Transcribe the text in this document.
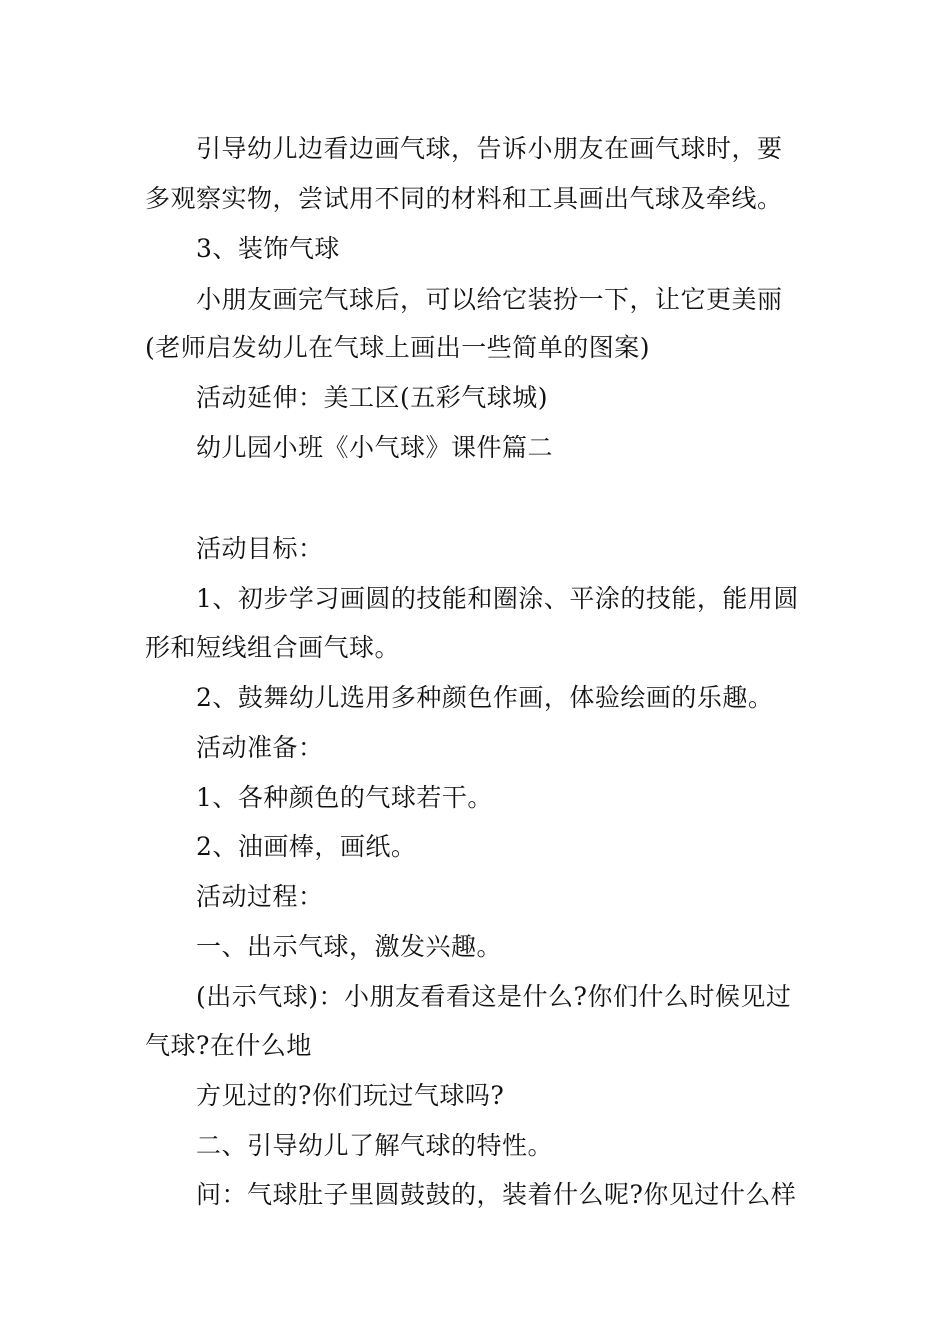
引导幼儿边看边画气球，告诉小朋友在画气球时，要
多观察实物，尝试用不同的材料和工具画出气球及牵线。
3、装饰气球
小朋友画完气球后，可以给它装扮一下，让它更美丽
(老师启发幼儿在气球上画出一些简单的图案)
活动延伸：美工区(五彩气球城)
幼儿园小班《小气球》课件篇二
活动目标：
1、初步学习画圆的技能和圈涂、平涂的技能，能用圆
形和短线组合画气球。
2、鼓舞幼儿选用多种颜色作画，体验绘画的乐趣。
活动准备：
1、各种颜色的气球若干。
2、油画棒，画纸。
活动过程：
一、出示气球，激发兴趣。
(出示气球)：小朋友看看这是什么?你们什么时候见过
气球?在什么地
方见过的?你们玩过气球吗?
二、引导幼儿了解气球的特性。
问：气球肚子里圆鼓鼓的，装着什么呢?你见过什么样
